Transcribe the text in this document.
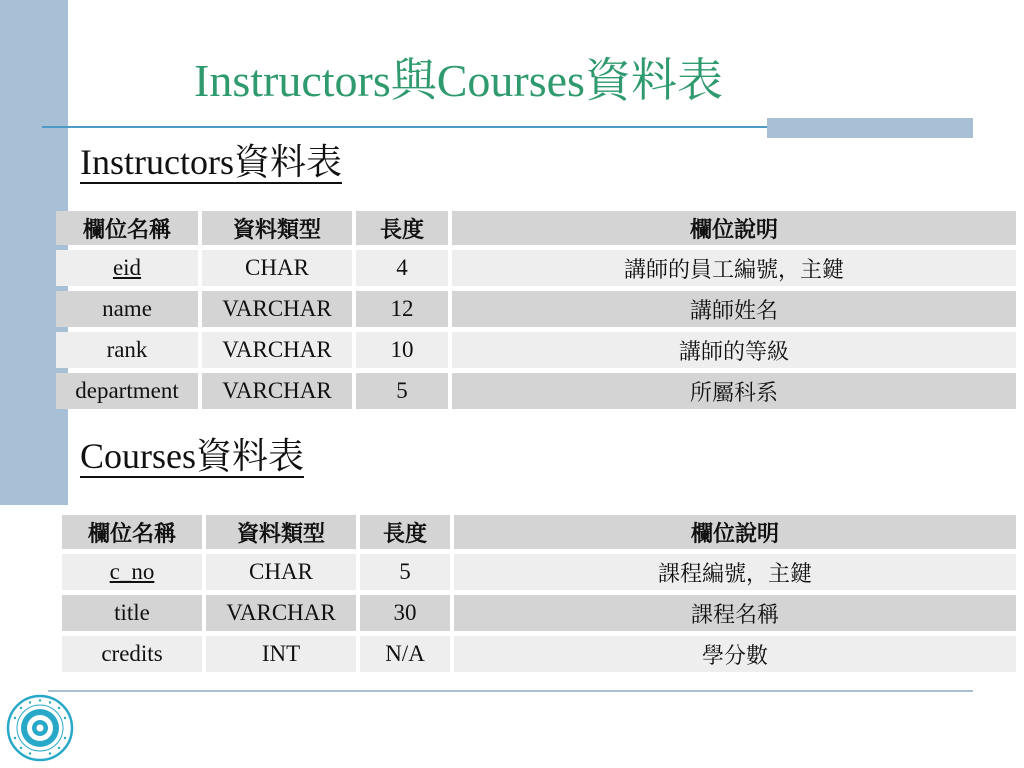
Instructors與Courses資料表
Instructors資料表
欄位名稱	資料類型	長度	欄位說明
eid	CHAR	4	講師的員工編號，主鍵
name	VARCHAR	12	講師姓名
rank	VARCHAR	10	講師的等級
department	VARCHAR	5	所屬科系
Courses資料表
欄位名稱	資料類型	長度	欄位說明
c_no	CHAR	5	課程編號，主鍵
title	VARCHAR	30	課程名稱
credits	INT	N/A	學分數
